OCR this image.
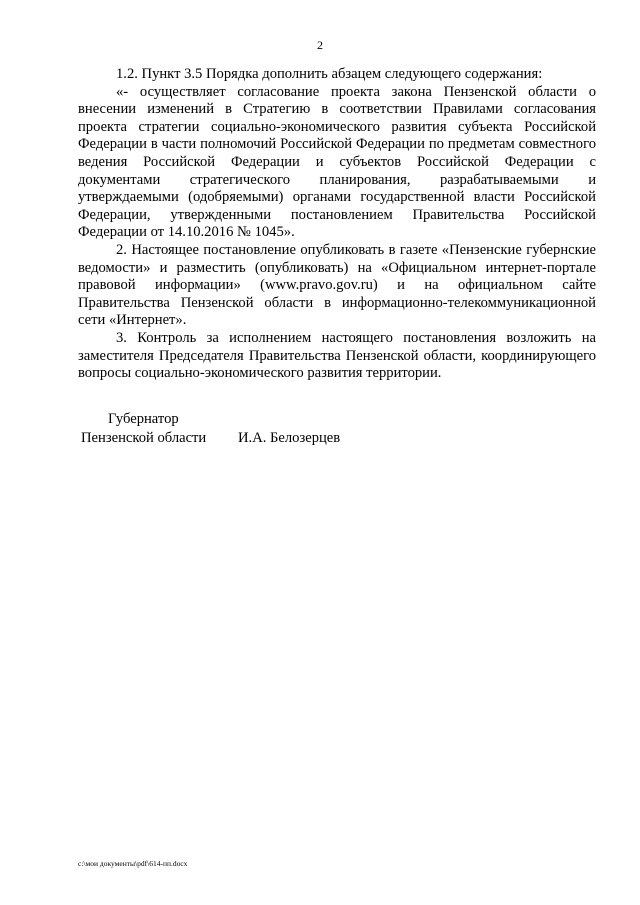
2

1.2. Пункт 3.5 Порядка дополнить абзацем следующего содержания:

«- осуществляет согласование проекта закона Пензенской области о внесении изменений в Стратегию в соответствии Правилами согласования проекта стратегии социально-экономического развития субъекта Российской Федерации в части полномочий Российской Федерации по предметам совместного ведения Российской Федерации и субъектов Российской Федерации с документами стратегического планирования, разрабатываемыми и утверждаемыми (одобряемыми) органами государственной власти Российской Федерации, утвержденными постановлением Правительства Российской Федерации от 14.10.2016 № 1045».

2. Настоящее постановление опубликовать в газете «Пензенские губернские ведомости» и разместить (опубликовать) на «Официальном интернет-портале правовой информации» (www.pravo.gov.ru) и на официальном сайте Правительства Пензенской области в информационно-телекоммуникационной сети «Интернет».

3. Контроль за исполнением настоящего постановления возложить на заместителя Председателя Правительства Пензенской области, координирующего вопросы социально-экономического развития территории.

Губернатор
Пензенской области И.А. Белозерцев
c:\мои документы\pdf\614-пп.docx
